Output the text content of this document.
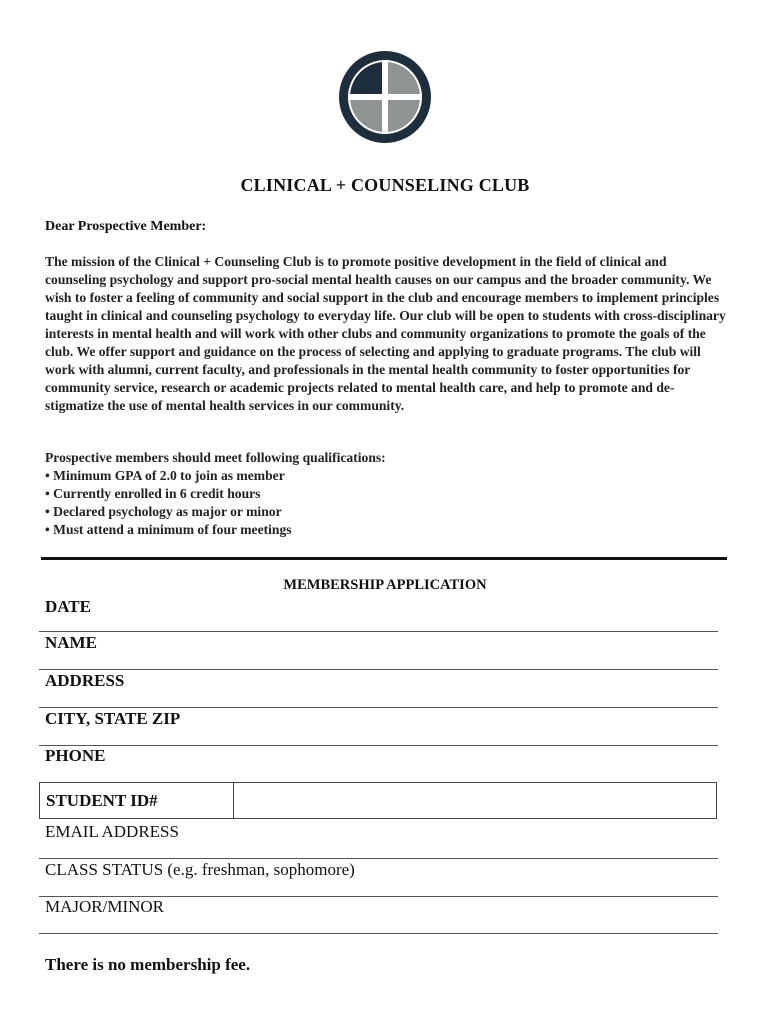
CLINICAL + COUNSELING CLUB
Dear Prospective Member:
The mission of the Clinical + Counseling Club is to promote positive development in the field of clinical and counseling psychology and support pro-social mental health causes on our campus and the broader community. We wish to foster a feeling of community and social support in the club and encourage members to implement principles taught in clinical and counseling psychology to everyday life. Our club will be open to students with cross-disciplinary interests in mental health and will work with other clubs and community organizations to promote the goals of the club. We offer support and guidance on the process of selecting and applying to graduate programs. The club will work with alumni, current faculty, and professionals in the mental health community to foster opportunities for community service, research or academic projects related to mental health care, and help to promote and de-stigmatize the use of mental health services in our community.
Prospective members should meet following qualifications:
• Minimum GPA of 2.0 to join as member
• Currently enrolled in 6 credit hours
• Declared psychology as major or minor
• Must attend a minimum of four meetings
MEMBERSHIP APPLICATION
DATE
NAME
ADDRESS
CITY, STATE ZIP
PHONE
STUDENT ID#
EMAIL ADDRESS
CLASS STATUS (e.g. freshman, sophomore)
MAJOR/MINOR
There is no membership fee.
